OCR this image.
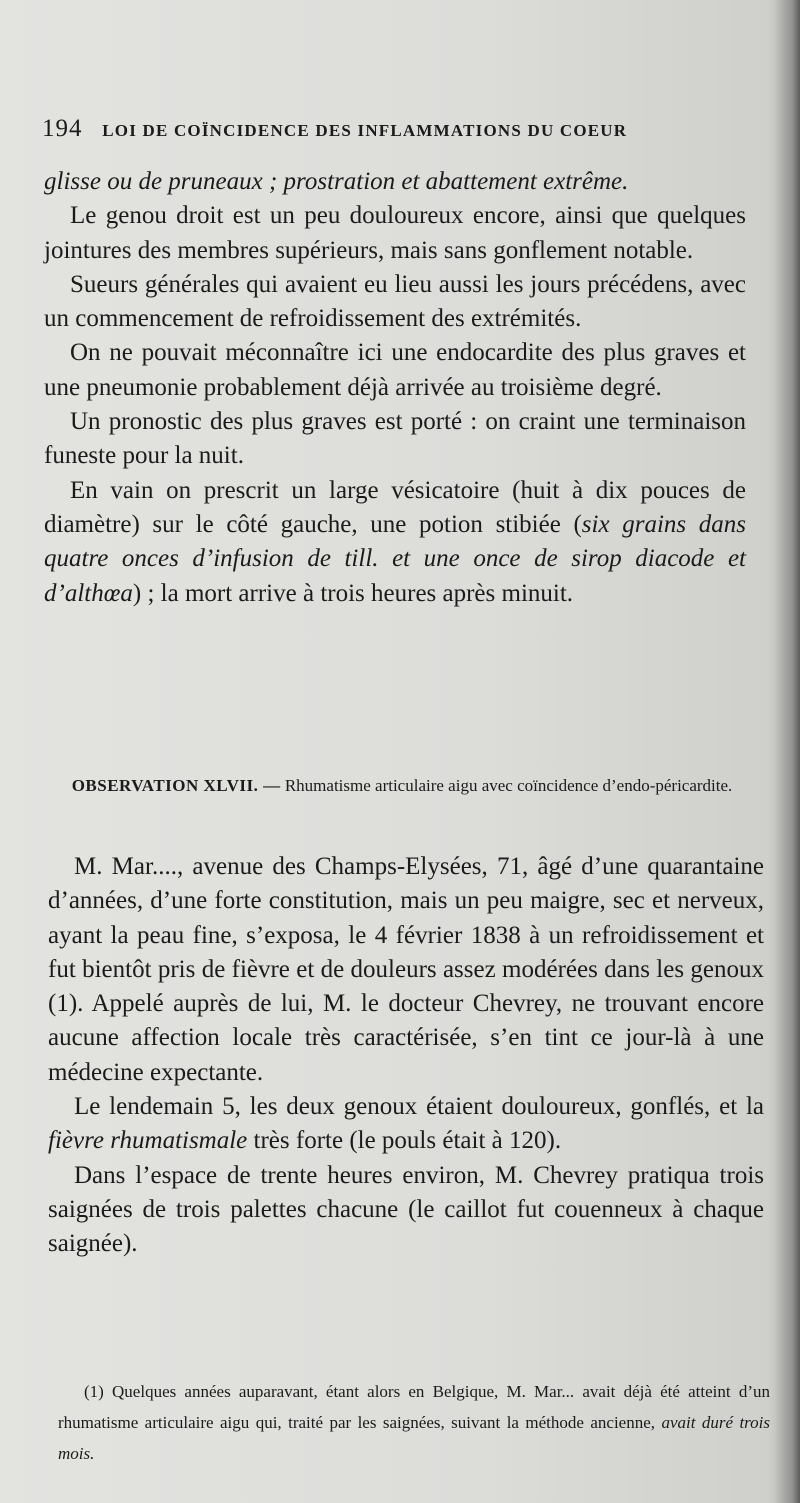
194 LOI DE COÏNCIDENCE DES INFLAMMATIONS DU COEUR

glisse ou de pruneaux ; prostration et abattement extrême.

Le genou droit est un peu douloureux encore, ainsi que quelques jointures des membres supérieurs, mais sans gonflement notable.

Sueurs générales qui avaient eu lieu aussi les jours précédens, avec un commencement de refroidissement des extrémités.

On ne pouvait méconnaître ici une endocardite des plus graves et une pneumonie probablement déjà arrivée au troisième degré.

Un pronostic des plus graves est porté : on craint une terminaison funeste pour la nuit.

En vain on prescrit un large vésicatoire (huit à dix pouces de diamètre) sur le côté gauche, une potion stibiée (six grains dans quatre onces d’infusion de till. et une once de sirop diacode et d’althœa) ; la mort arrive à trois heures après minuit.

OBSERVATION XLVII. — Rhumatisme articulaire aigu avec coïncidence d’endo-péricardite.

M. Mar...., avenue des Champs-Elysées, 71, âgé d’une quarantaine d’années, d’une forte constitution, mais un peu maigre, sec et nerveux, ayant la peau fine, s’exposa, le 4 février 1838 à un refroidissement et fut bientôt pris de fièvre et de douleurs assez modérées dans les genoux (1). Appelé auprès de lui, M. le docteur Chevrey, ne trouvant encore aucune affection locale très caractérisée, s’en tint ce jour-là à une médecine expectante.

Le lendemain 5, les deux genoux étaient douloureux, gonflés, et la fièvre rhumatismale très forte (le pouls était à 120).

Dans l’espace de trente heures environ, M. Chevrey pratiqua trois saignées de trois palettes chacune (le caillot fut couenneux à chaque saignée).

(1) Quelques années auparavant, étant alors en Belgique, M. Mar... avait déjà été atteint d’un rhumatisme articulaire aigu qui, traité par les saignées, suivant la méthode ancienne, avait duré trois mois.
